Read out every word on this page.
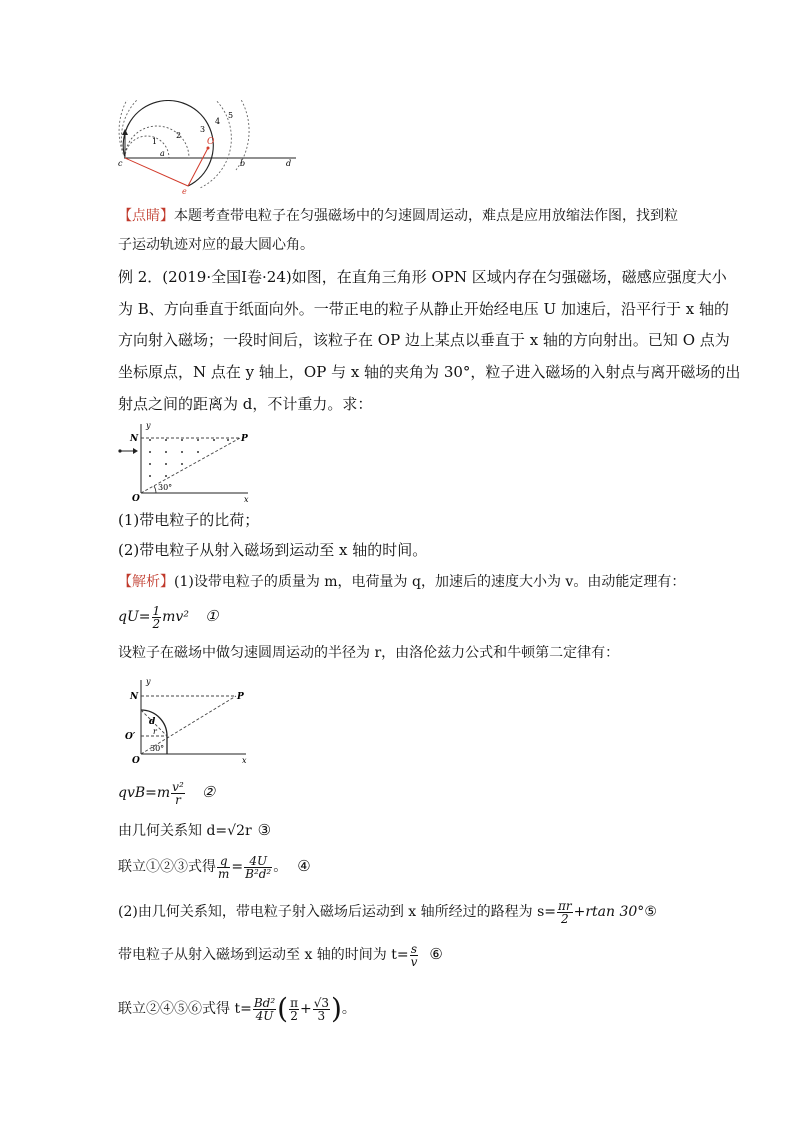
c
a
b	d
e
O
1
2
3
4
5
【点睛】本题考查带电粒子在匀强磁场中的匀速圆周运动，难点是应用放缩法作图，找到粒
子运动轨迹对应的最大圆心角。
例 2．(2019·全国Ⅰ卷·24)如图，在直角三角形 OPN 区域内存在匀强磁场，磁感应强度大小
为 B、方向垂直于纸面向外。一带正电的粒子从静止开始经电压 U 加速后，沿平行于 x 轴的
方向射入磁场；一段时间后，该粒子在 OP 边上某点以垂直于 x 轴的方向射出。已知 O 点为
坐标原点，N 点在 y 轴上，OP 与 x 轴的夹角为 30°，粒子进入磁场的入射点与离开磁场的出
射点之间的距离为 d，不计重力。求：
y
N	P
O	x
30°
(1)带电粒子的比荷；
(2)带电粒子从射入磁场到运动至 x 轴的时间。
【解析】(1)设带电粒子的质量为 m，电荷量为 q，加速后的速度大小为 v。由动能定理有：
$qU= \frac{1}{2} mv^2$ ①
设粒子在磁场中做匀速圆周运动的半径为 r，由洛伦兹力公式和牛顿第二定律有：
y
N	P
O′
O	x
d
r
30°
$qvB=m \frac{\text{v²}}{r}$ ②
由几何关系知 d=√2r ③
联立①②③式得 $\frac{q}{m} = \frac{4U}{\text{B²d²}}$ 。 ④
(2)由几何关系知，带电粒子射入磁场后运动到 x 轴所经过的路程为 $s= \frac{\pi r}{2} +rtan$ 30°⑤
带电粒子从射入磁场到运动至 x 轴的时间为 $t= \frac{s}{v}$ ⑥
联立②④⑤⑥式得 $t= \frac{\text{Bd²}}{4U}$ ( $\frac{\pi}{2} + \frac{√3}{3}$ )。
